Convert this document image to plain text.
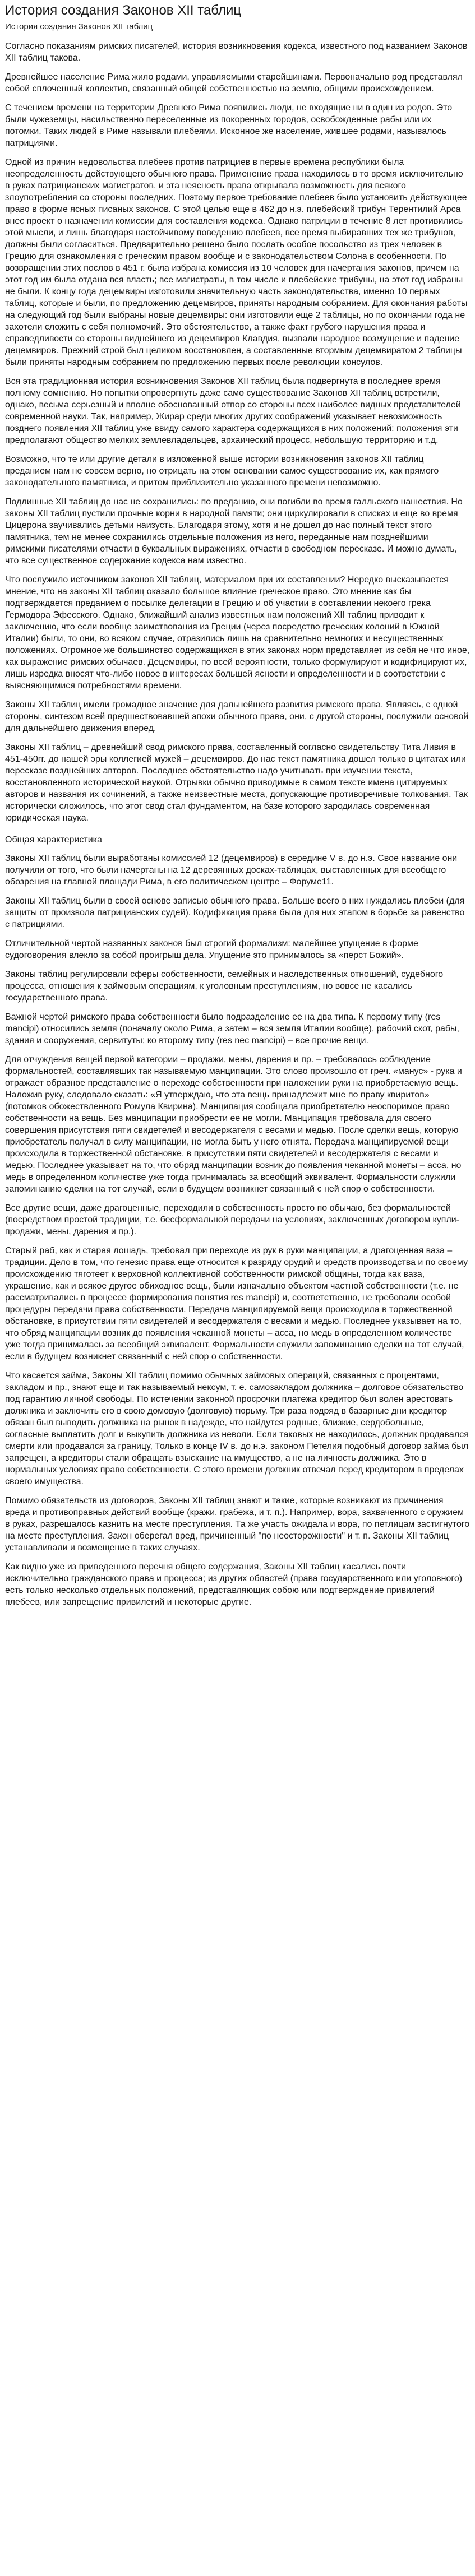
История создания Законов XII таблиц
История создания Законов XII таблиц

Согласно показаниям римских писателей, история возникновения кодекса, известного под названием Законов XII таблиц такова.

Древнейшее население Рима жило родами, управляемыми старейшинами. Первоначально род представлял собой сплоченный коллектив, связанный общей собственностью на землю, общими происхождением.

С течением времени на территории Древнего Рима появились люди, не входящие ни в один из родов. Это были чужеземцы, насильственно переселенные из покоренных городов, освобожденные рабы или их потомки. Таких людей в Риме называли плебеями. Исконное же население, жившее родами, называлось патрициями.

Одной из причин недовольства плебеев против патрициев в первые времена республики была неопределенность действующего обычного права. Применение права находилось в то время исключительно в руках патрицианских магистратов, и эта неясность права открывала возможность для всякого злоупотребления со стороны последних. Поэтому первое требование плебеев было установить действующее право в форме ясных писаных законов. С этой целью еще в 462 до н.э. плебейский трибун Терентилий Арса внес проект о назначении комиссии для составления кодекса. Однако патриции в течение 8 лет противились этой мысли, и лишь благодаря настойчивому поведению плебеев, все время выбиравших тех же трибунов, должны были согласиться. Предварительно решено было послать особое посольство из трех человек в Грецию для ознакомления с греческим правом вообще и с законодательством Солона в особенности. По возвращении этих послов в 451 г. была избрана комиссия из 10 человек для начертания законов, причем на этот год им была отдана вся власть; все магистраты, в том числе и плебейские трибуны, на этот год избраны не были. К концу года децемвиры изготовили значительную часть законодательства, именно 10 первых таблиц, которые и были, по предложению децемвиров, приняты народным собранием. Для окончания работы на следующий год были выбраны новые децемвиры: они изготовили еще 2 таблицы, но по окончании года не захотели сложить с себя полномочий. Это обстоятельство, а также факт грубого нарушения права и справедливости со стороны виднейшего из децемвиров Клавдия, вызвали народное возмущение и падение децемвиров. Прежний строй был целиком восстановлен, а составленные втормым децемвиратом 2 таблицы были приняты народным собранием по предложению первых после революции консулов.

Вся эта традиционная история возникновения Законов XII таблиц была подвергнута в последнее время полному сомнению. Но попытки опровергнуть даже само существование Законов XII таблиц встретили, однако, весьма серьезный и вполне обоснованный отпор со стороны всех наиболее видных представителей современной науки. Так, например, Жирар среди многих других соображений указывает невозможность позднего появления XII таблиц уже ввиду самого характера содержащихся в них положений: положения эти предполагают общество мелких землевладельцев, архаический процесс, небольшую территорию и т.д.

Возможно, что те или другие детали в изложенной выше истории возникновения законов XII таблиц преданием нам не совсем верно, но отрицать на этом основании самое существование их, как прямого законодательного памятника, и притом приблизительно указанного времени невозможно.

Подлинные XII таблиц до нас не сохранились: по преданию, они погибли во время галльского нашествия. Но законы XII таблиц пустили прочные корни в народной памяти; они циркулировали в списках и еще во время Цицерона заучивались детьми наизусть. Благодаря этому, хотя и не дошел до нас полный текст этого памятника, тем не менее сохранились отдельные положения из него, переданные нам позднейшими римскими писателями отчасти в буквальных выражениях, отчасти в свободном пересказе. И можно думать, что все существенное содержание кодекса нам известно.

Что послужило источником законов XII таблиц, материалом при их составлении? Нередко высказывается мнение, что на законы XII таблиц оказало большое влияние греческое право. Это мнение как бы подтверждается преданием о посылке делегации в Грецию и об участии в составлении некоего грека Гермодора Эфесского. Однако, ближайший анализ известных нам положений XII таблиц приводит к заключению, что если вообще заимствования из Греции (через посредство греческих колоний в Южной Италии) были, то они, во всяком случае, отразились лишь на сравнительно немногих и несущественных положениях. Огромное же большинство содержащихся в этих законах норм представляет из себя не что иное, как выражение римских обычаев. Децемвиры, по всей вероятности, только формулируют и кодифицируют их, лишь изредка вносят что-либо новое в интересах большей ясности и определенности и в соответствии с выясняющимися потребностями времени.

Законы XII таблиц имели громадное значение для дальнейшего развития римского права. Являясь, с одной стороны, синтезом всей предшествовавшей эпохи обычного права, они, с другой стороны, послужили основой для дальнейшего движения вперед.

Законы XII таблиц – древнейший свод римского права, составленный согласно свидетельству Тита Ливия в 451-450гг. до нашей эры коллегией мужей – децемвиров. До нас текст памятника дошел только в цитатах или пересказе позднейших авторов. Последнее обстоятельство надо учитывать при изучении текста, восстановленного исторической наукой. Отрывки обычно приводимые в самом тексте имена цитируемых авторов и названия их сочинений, а также неизвестные места, допускающие противоречивые толкования. Так исторически сложилось, что этот свод стал фундаментом, на базе которого зародилась современная юридическая наука.

Общая характеристика

Законы XII таблиц были выработаны комиссией 12 (децемвиров) в середине V в. до н.э. Свое название они получили от того, что были начертаны на 12 деревянных досках-таблицах, выставленных для всеобщего обозрения на главной площади Рима, в его политическом центре – Форуме11.

Законы XII таблиц были в своей основе записью обычного права. Больше всего в них нуждались плебеи (для защиты от произвола патрицианских судей). Кодификация права была для них этапом в борьбе за равенство с патрициями.

Отличительной чертой названных законов был строгий формализм: малейшее упущение в форме судоговорения влекло за собой проигрыш дела. Упущение это принималось за «перст Божий».

Законы таблиц регулировали сферы собственности, семейных и наследственных отношений, судебного процесса, отношения к займовым операциям, к уголовным преступлениям, но вовсе не касались государственного права.

Важной чертой римского права собственности было подразделение ее на два типа. К первому типу (res mancipi) относились земля (поначалу около Рима, а затем – вся земля Италии вообще), рабочий скот, рабы, здания и сооружения, сервитуты; ко второму типу (res nec mancipi) – все прочие вещи.

Для отчуждения вещей первой категории – продажи, мены, дарения и пр. – требовалось соблюдение формальностей, составлявших так называемую манципации. Это слово произошло от греч. «манус» - рука и отражает образное представление о переходе собственности при наложении руки на приобретаемую вещь. Наложив руку, следовало сказать: «Я утверждаю, что эта вещь принадлежит мне по праву квиритов» (потомков обожествленного Ромула Квирина). Манципация сообщала приобретателю неоспоримое право собственности на вещь. Без манципации приобрести ее не могли. Манципация требовала для своего совершения присутствия пяти свидетелей и весодержателя с весами и медью. После сделки вещь, которую приобретатель получал в силу манципации, не могла быть у него отнята. Передача манципируемой вещи происходила в торжественной обстановке, в присутствии пяти свидетелей и весодержателя с весами и медью. Последнее указывает на то, что обряд манципации возник до появления чеканной монеты – асса, но медь в определенном количестве уже тогда принималась за всеобщий эквивалент. Формальности служили запоминанию сделки на тот случай, если в будущем возникнет связанный с ней спор о собственности.

Все другие вещи, даже драгоценные, переходили в собственность просто по обычаю, без формальностей (посредством простой традиции, т.е. бесформальной передачи на условиях, заключенных договором купли-продажи, мены, дарения и пр.).

Старый раб, как и старая лошадь, требовал при переходе из рук в руки манципации, а драгоценная ваза – традиции. Дело в том, что генезис права еще относится к разряду орудий и средств производства и по своему происхождению тяготеет к верховной коллективной собственности римской общины, тогда как ваза, украшение, как и всякое другое обиходное вещь, были изначально объектом частной собственности (т.е. не рассматривались в процессе формирования понятия res mancipi) и, соответственно, не требовали особой процедуры передачи права собственности. Передача манципируемой вещи происходила в торжественной обстановке, в присутствии пяти свидетелей и весодержателя с весами и медью. Последнее указывает на то, что обряд манципации возник до появления чеканной монеты – асса, но медь в определенном количестве уже тогда принималась за всеобщий эквивалент. Формальности служили запоминанию сделки на тот случай, если в будущем возникнет связанный с ней спор о собственности.

Что касается займа, Законы XII таблиц помимо обычных займовых операций, связанных с процентами, закладом и пр., знают еще и так называемый нексум, т. е. самозакладом должника – долговое обязательство под гарантию личной свободы. По истечении законной просрочки платежа кредитор был волен арестовать должника и заключить его в свою домовую (долговую) тюрьму. Три раза подряд в базарные дни кредитор обязан был выводить должника на рынок в надежде, что найдутся родные, близкие, сердобольные, согласные выплатить долг и выкупить должника из неволи. Если таковых не находилось, должник продавался смерти или продавался за границу, Только в конце IV в. до н.э. законом Петелия подобный договор займа был запрещен, а кредиторы стали обращать взыскание на имущество, а не на личность должника. Это в нормальных условиях право собственности. С этого времени должник отвечал перед кредитором в пределах своего имущества.

Помимо обязательств из договоров, Законы XII таблиц знают и такие, которые возникают из причинения вреда и противоправных действий вообще (кражи, грабежа, и т. п.). Например, вора, захваченного с оружием в руках, разрешалось казнить на месте преступления. Та же участь ожидала и вора, по петлицам застигнутого на месте преступления. Закон оберегал вред, причиненный "по неосторожности" и т. п. Законы XII таблиц устанавливали и возмещение в таких случаях.

Как видно уже из приведенного перечня общего содержания, Законы XII таблиц касались почти исключительно гражданского права и процесса; из других областей (права государственного или уголовного) есть только несколько отдельных положений, представляющих собою или подтверждение привилегий плебеев, или запрещение привилегий и некоторые другие.
